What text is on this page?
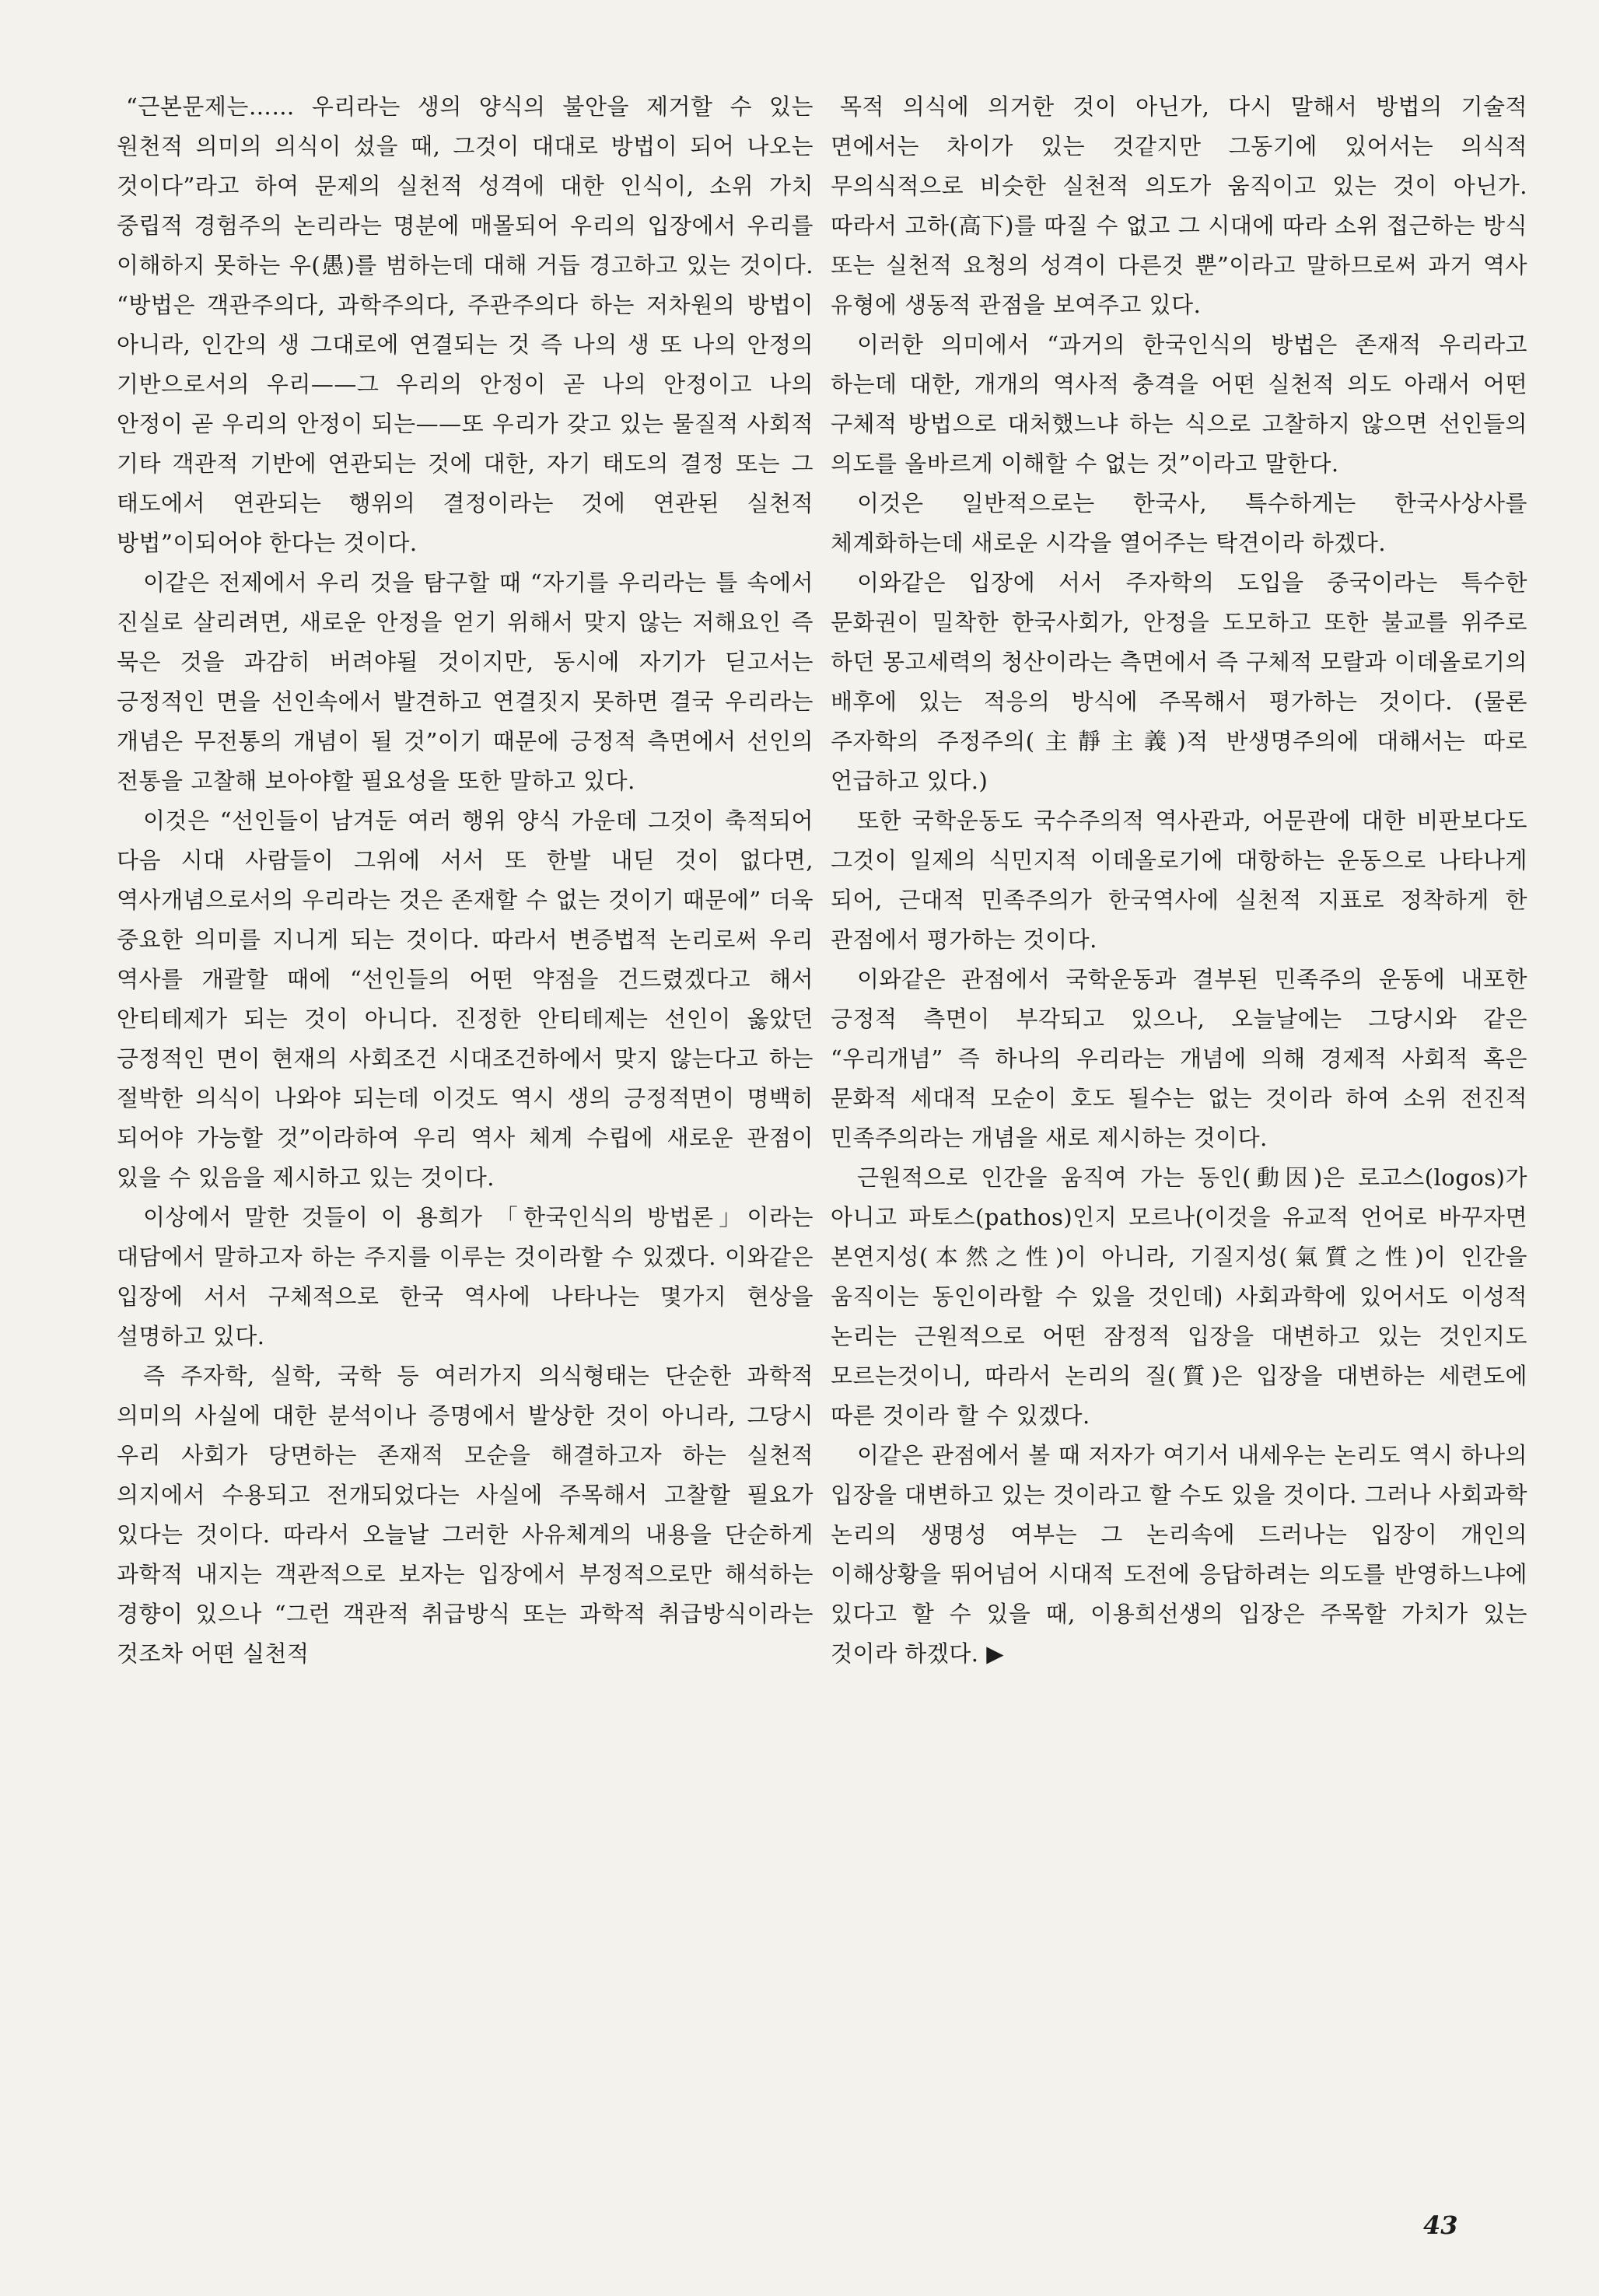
“근본문제는…… 우리라는 생의 양식의 불안을 제거할 수 있는 원천적 의미의 의식이 섰을 때, 그것이 대대로 방법이 되어 나오는 것이다”라고 하여 문제의 실천적 성격에 대한 인식이, 소위 가치 중립적 경험주의 논리라는 명분에 매몰되어 우리의 입장에서 우리를 이해하지 못하는 우(愚)를 범하는데 대해 거듭 경고하고 있는 것이다. “방법은 객관주의다, 과학주의다, 주관주의다 하는 저차원의 방법이 아니라, 인간의 생 그대로에 연결되는 것 즉 나의 생 또 나의 안정의 기반으로서의 우리——그 우리의 안정이 곧 나의 안정이고 나의 안정이 곧 우리의 안정이 되는——또 우리가 갖고 있는 물질적 사회적 기타 객관적 기반에 연관되는 것에 대한, 자기 태도의 결정 또는 그 태도에서 연관되는 행위의 결정이라는 것에 연관된 실천적 방법”이되어야 한다는 것이다.

이같은 전제에서 우리 것을 탐구할 때 “자기를 우리라는 틀 속에서 진실로 살리려면, 새로운 안정을 얻기 위해서 맞지 않는 저해요인 즉 묵은 것을 과감히 버려야될 것이지만, 동시에 자기가 딛고서는 긍정적인 면을 선인속에서 발견하고 연결짓지 못하면 결국 우리라는 개념은 무전통의 개념이 될 것”이기 때문에 긍정적 측면에서 선인의 전통을 고찰해 보아야할 필요성을 또한 말하고 있다.

이것은 “선인들이 남겨둔 여러 행위 양식 가운데 그것이 축적되어 다음 시대 사람들이 그위에 서서 또 한발 내딛 것이 없다면, 역사개념으로서의 우리라는 것은 존재할 수 없는 것이기 때문에” 더욱 중요한 의미를 지니게 되는 것이다. 따라서 변증법적 논리로써 우리 역사를 개괄할 때에 “선인들의 어떤 약점을 건드렸겠다고 해서 안티테제가 되는 것이 아니다. 진정한 안티테제는 선인이 옳았던 긍정적인 면이 현재의 사회조건 시대조건하에서 맞지 않는다고 하는 절박한 의식이 나와야 되는데 이것도 역시 생의 긍정적면이 명백히 되어야 가능할 것”이라하여 우리 역사 체계 수립에 새로운 관점이 있을 수 있음을 제시하고 있는 것이다.

이상에서 말한 것들이 이 용희가 「한국인식의 방법론」이라는 대담에서 말하고자 하는 주지를 이루는 것이라할 수 있겠다. 이와같은 입장에 서서 구체적으로 한국 역사에 나타나는 몇가지 현상을 설명하고 있다.

즉 주자학, 실학, 국학 등 여러가지 의식형태는 단순한 과학적 의미의 사실에 대한 분석이나 증명에서 발상한 것이 아니라, 그당시 우리 사회가 당면하는 존재적 모순을 해결하고자 하는 실천적 의지에서 수용되고 전개되었다는 사실에 주목해서 고찰할 필요가 있다는 것이다. 따라서 오늘날 그러한 사유체계의 내용을 단순하게 과학적 내지는 객관적으로 보자는 입장에서 부정적으로만 해석하는 경향이 있으나 “그런 객관적 취급방식 또는 과학적 취급방식이라는 것조차 어떤 실천적

목적 의식에 의거한 것이 아닌가, 다시 말해서 방법의 기술적 면에서는 차이가 있는 것같지만 그동기에 있어서는 의식적 무의식적으로 비슷한 실천적 의도가 움직이고 있는 것이 아닌가. 따라서 고하(高下)를 따질 수 없고 그 시대에 따라 소위 접근하는 방식 또는 실천적 요청의 성격이 다른것 뿐”이라고 말하므로써 과거 역사 유형에 생동적 관점을 보여주고 있다.

이러한 의미에서 “과거의 한국인식의 방법은 존재적 우리라고 하는데 대한, 개개의 역사적 충격을 어떤 실천적 의도 아래서 어떤 구체적 방법으로 대처했느냐 하는 식으로 고찰하지 않으면 선인들의 의도를 올바르게 이해할 수 없는 것”이라고 말한다.

이것은 일반적으로는 한국사, 특수하게는 한국사상사를 체계화하는데 새로운 시각을 열어주는 탁견이라 하겠다.

이와같은 입장에 서서 주자학의 도입을 중국이라는 특수한 문화권이 밀착한 한국사회가, 안정을 도모하고 또한 불교를 위주로 하던 몽고세력의 청산이라는 측면에서 즉 구체적 모랄과 이데올로기의 배후에 있는 적응의 방식에 주목해서 평가하는 것이다. (물론 주자학의 주정주의(主靜主義)적 반생명주의에 대해서는 따로 언급하고 있다.)

또한 국학운동도 국수주의적 역사관과, 어문관에 대한 비판보다도 그것이 일제의 식민지적 이데올로기에 대항하는 운동으로 나타나게 되어, 근대적 민족주의가 한국역사에 실천적 지표로 정착하게 한 관점에서 평가하는 것이다.

이와같은 관점에서 국학운동과 결부된 민족주의 운동에 내포한 긍정적 측면이 부각되고 있으나, 오늘날에는 그당시와 같은 “우리개념” 즉 하나의 우리라는 개념에 의해 경제적 사회적 혹은 문화적 세대적 모순이 호도 될수는 없는 것이라 하여 소위 전진적 민족주의라는 개념을 새로 제시하는 것이다.

근원적으로 인간을 움직여 가는 동인(動因)은 로고스(logos)가 아니고 파토스(pathos)인지 모르나(이것을 유교적 언어로 바꾸자면 본연지성(本然之性)이 아니라, 기질지성(氣質之性)이 인간을 움직이는 동인이라할 수 있을 것인데) 사회과학에 있어서도 이성적 논리는 근원적으로 어떤 잠정적 입장을 대변하고 있는 것인지도 모르는것이니, 따라서 논리의 질(質)은 입장을 대변하는 세련도에 따른 것이라 할 수 있겠다.

이같은 관점에서 볼 때 저자가 여기서 내세우는 논리도 역시 하나의 입장을 대변하고 있는 것이라고 할 수도 있을 것이다. 그러나 사회과학 논리의 생명성 여부는 그 논리속에 드러나는 입장이 개인의 이해상황을 뛰어넘어 시대적 도전에 응답하려는 의도를 반영하느냐에 있다고 할 수 있을 때, 이용희선생의 입장은 주목할 가치가 있는 것이라 하겠다. ▶

43
